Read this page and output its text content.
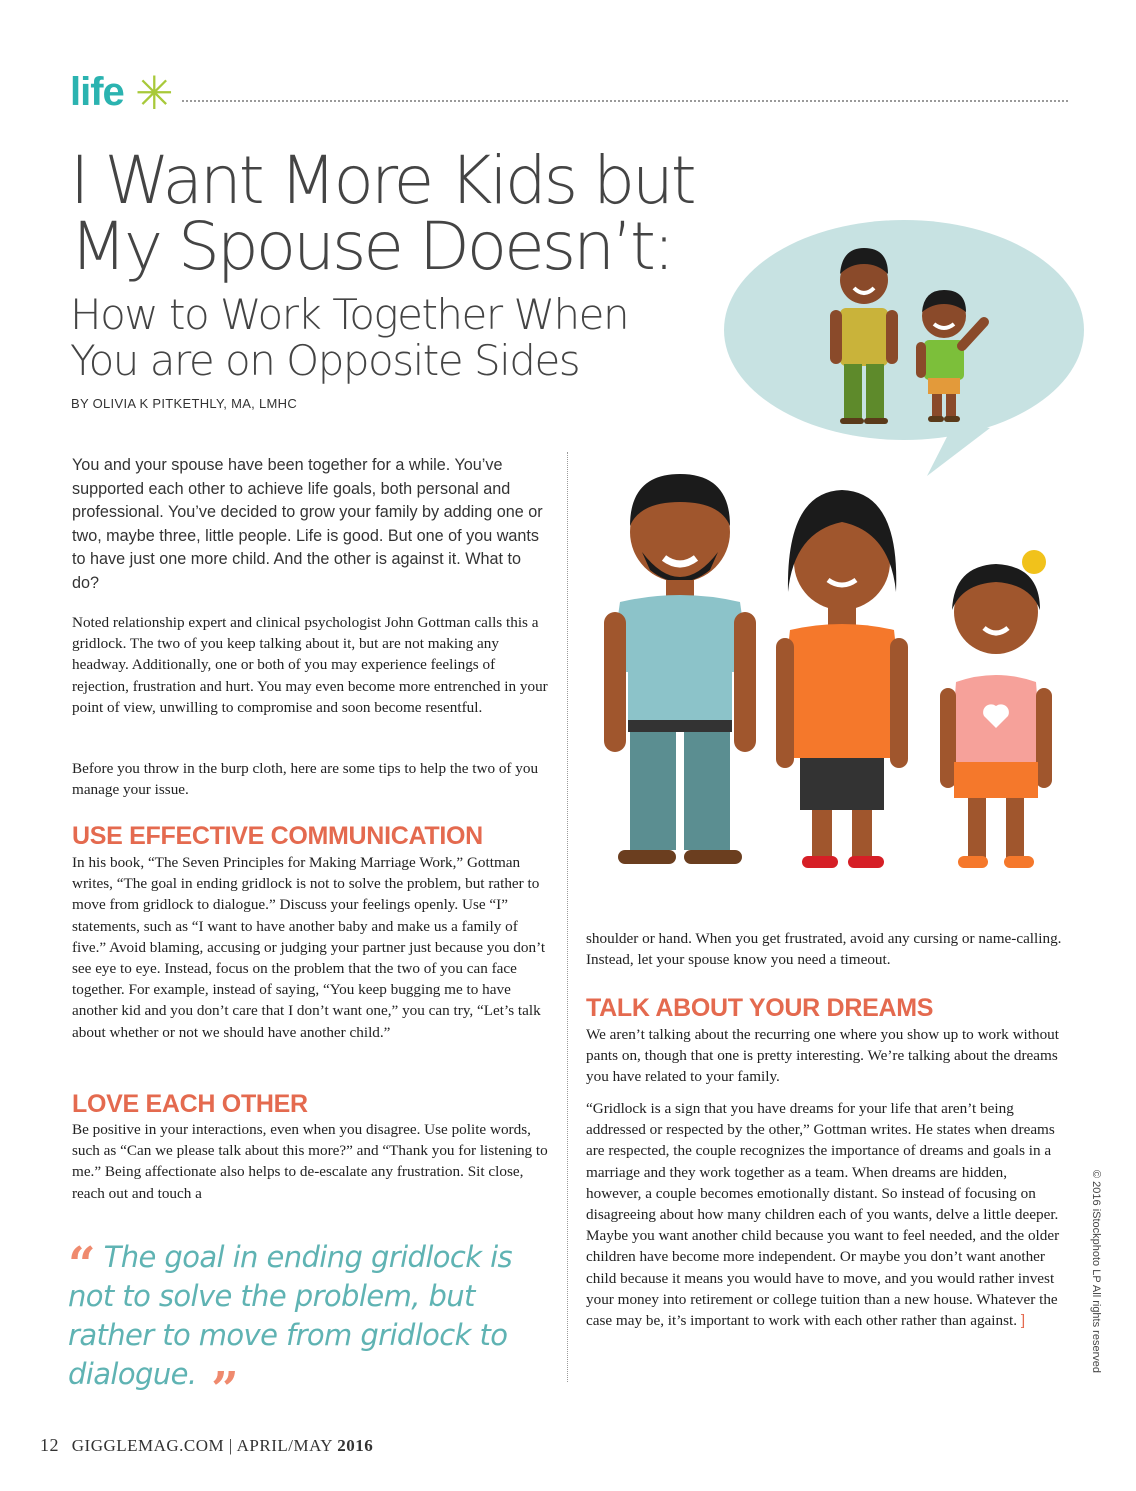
life ✳
I Want More Kids but
My Spouse Doesn’t:
How to Work Together When
You are on Opposite Sides
BY OLIVIA K PITKETHLY, MA, LMHC
You and your spouse have been together for a while. You’ve supported each other to achieve life goals, both personal and professional. You’ve decided to grow your family by adding one or two, maybe three, little people. Life is good. But one of you wants to have just one more child. And the other is against it. What to do?

Noted relationship expert and clinical psychologist John Gottman calls this a gridlock. The two of you keep talking about it, but are not making any headway. Additionally, one or both of you may experience feelings of rejection, frustration and hurt. You may even become more entrenched in your point of view, unwilling to compromise and soon become resentful.

Before you throw in the burp cloth, here are some tips to help the two of you manage your issue.

USE EFFECTIVE COMMUNICATION

In his book, “The Seven Principles for Making Marriage Work,” Gottman writes, “The goal in ending gridlock is not to solve the problem, but rather to move from gridlock to dialogue.” Discuss your feelings openly. Use “I” statements, such as “I want to have another baby and make us a family of five.” Avoid blaming, accusing or judging your partner just because you don’t see eye to eye. Instead, focus on the problem that the two of you can face together. For example, instead of saying, “You keep bugging me to have another kid and you don’t care that I don’t want one,” you can try, “Let’s talk about whether or not we should have another child.”

LOVE EACH OTHER

Be positive in your interactions, even when you disagree. Use polite words, such as “Can we please talk about this more?” and “Thank you for listening to me.” Being affectionate also helps to de-escalate any frustration. Sit close, reach out and touch a

“ The goal in ending gridlock is not to solve the problem, but rather to move from gridlock to dialogue. ”

shoulder or hand. When you get frustrated, avoid any cursing or name-calling. Instead, let your spouse know you need a timeout.

TALK ABOUT YOUR DREAMS

We aren’t talking about the recurring one where you show up to work without pants on, though that one is pretty interesting. We’re talking about the dreams you have related to your family.

“Gridlock is a sign that you have dreams for your life that aren’t being addressed or respected by the other,” Gottman writes. He states when dreams are respected, the couple recognizes the importance of dreams and goals in a marriage and they work together as a team. When dreams are hidden, however, a couple becomes emotionally distant. So instead of focusing on disagreeing about how many children each of you wants, delve a little deeper. Maybe you want another child because you want to feel needed, and the older children have become more independent. Or maybe you don’t want another child because it means you would have to move, and you would rather invest your money into retirement or college tuition than a new house. Whatever the case may be, it’s important to work with each other rather than against. ]

12 GIGGLEMAG.COM | APRIL/MAY 2016
© 2016 iStockphoto LP All rights reserved
